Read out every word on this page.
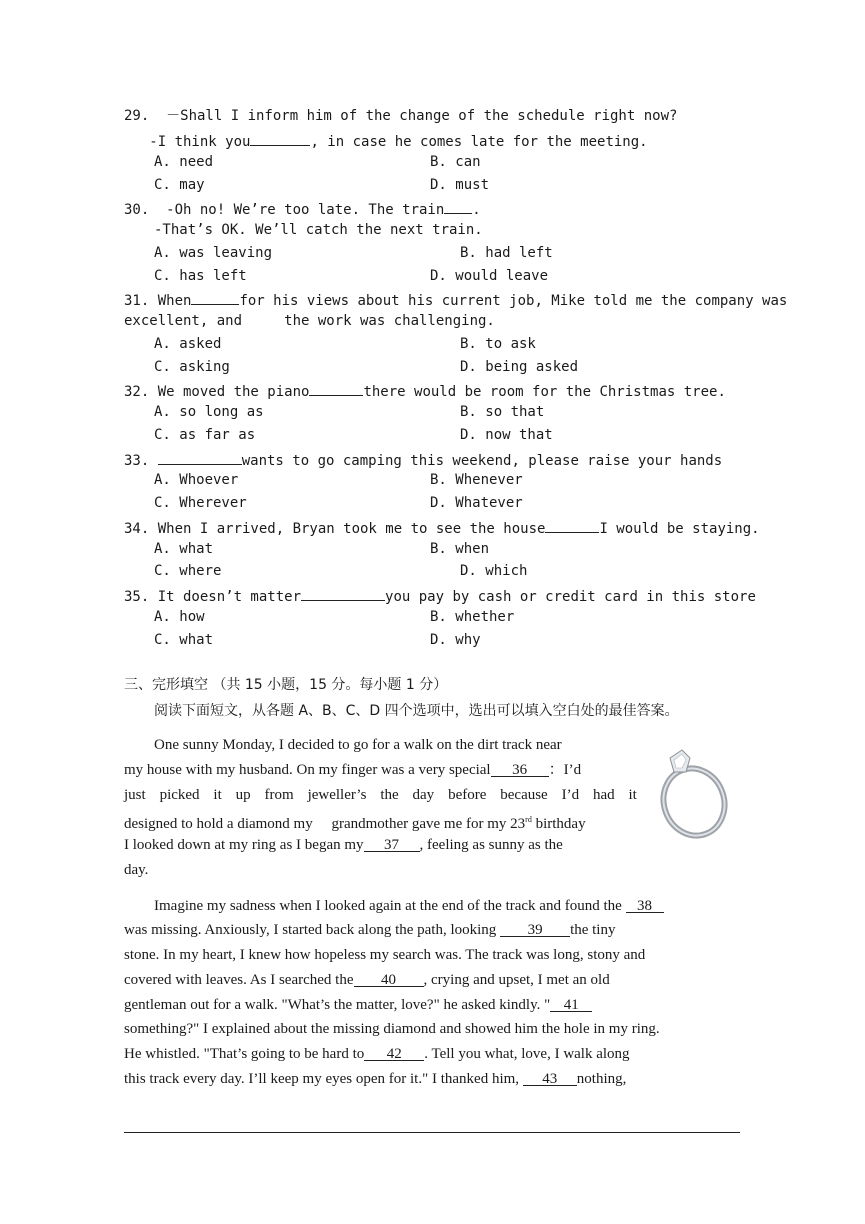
29.  －Shall I inform him of the change of the schedule right now?
-I think you	, in case he comes late for the meeting.
A. need	B. can
C. may	D. must
30.  -Oh no! We’re too late. The train .
-That’s OK. We’ll catch the next train.
A. was leaving	B. had left
C. has left	D. would leave
31. When	for his views about his current job, Mike told me the company was
excellent, and     the work was challenging.
A. asked	B. to ask
C. asking	D. being asked
32. We moved the piano	there would be room for the Christmas tree.
A. so long as	B. so that
C. as far as	D. now that
33.	wants to go camping this weekend, please raise your hands
A. Whoever	B. Whenever
C. Wherever	D. Whatever
34. When I arrived, Bryan took me to see the house	I would be staying.
A. what	B. when
C. where	D. which
35. It doesn’t matter	you pay by cash or credit card in this store
A. how	B. whether
C. what	D. why
三、完形填空 （共 15 小题，15 分。每小题 1 分）
阅读下面短文，从各题 A、B、C、D 四个选项中，选出可以填入空白处的最佳答案。
One sunny Monday, I decided to go for a walk on the dirt track near
my house with my husband. On my finger was a very special 36 ：I’d
just picked it up from jeweller’s the day before because I’d had it
designed to hold a diamond my     grandmother gave me for my 23rd birthday
I looked down at my ring as I began my 37 , feeling as sunny as the
day.
Imagine my sadness when I looked again at the end of the track and found the 38
was missing. Anxiously, I started back along the path, looking 39 the tiny
stone. In my heart, I knew how hopeless my search was. The track was long, stony and
covered with leaves. As I searched the 40 , crying and upset, I met an old
gentleman out for a walk. "What’s the matter, love?" he asked kindly. " 41
something?" I explained about the missing diamond and showed him the hole in my ring.
He whistled. "That’s going to be hard to 42 . Tell you what, love, I walk along
this track every day. I’ll keep my eyes open for it." I thanked him, 43 nothing,
